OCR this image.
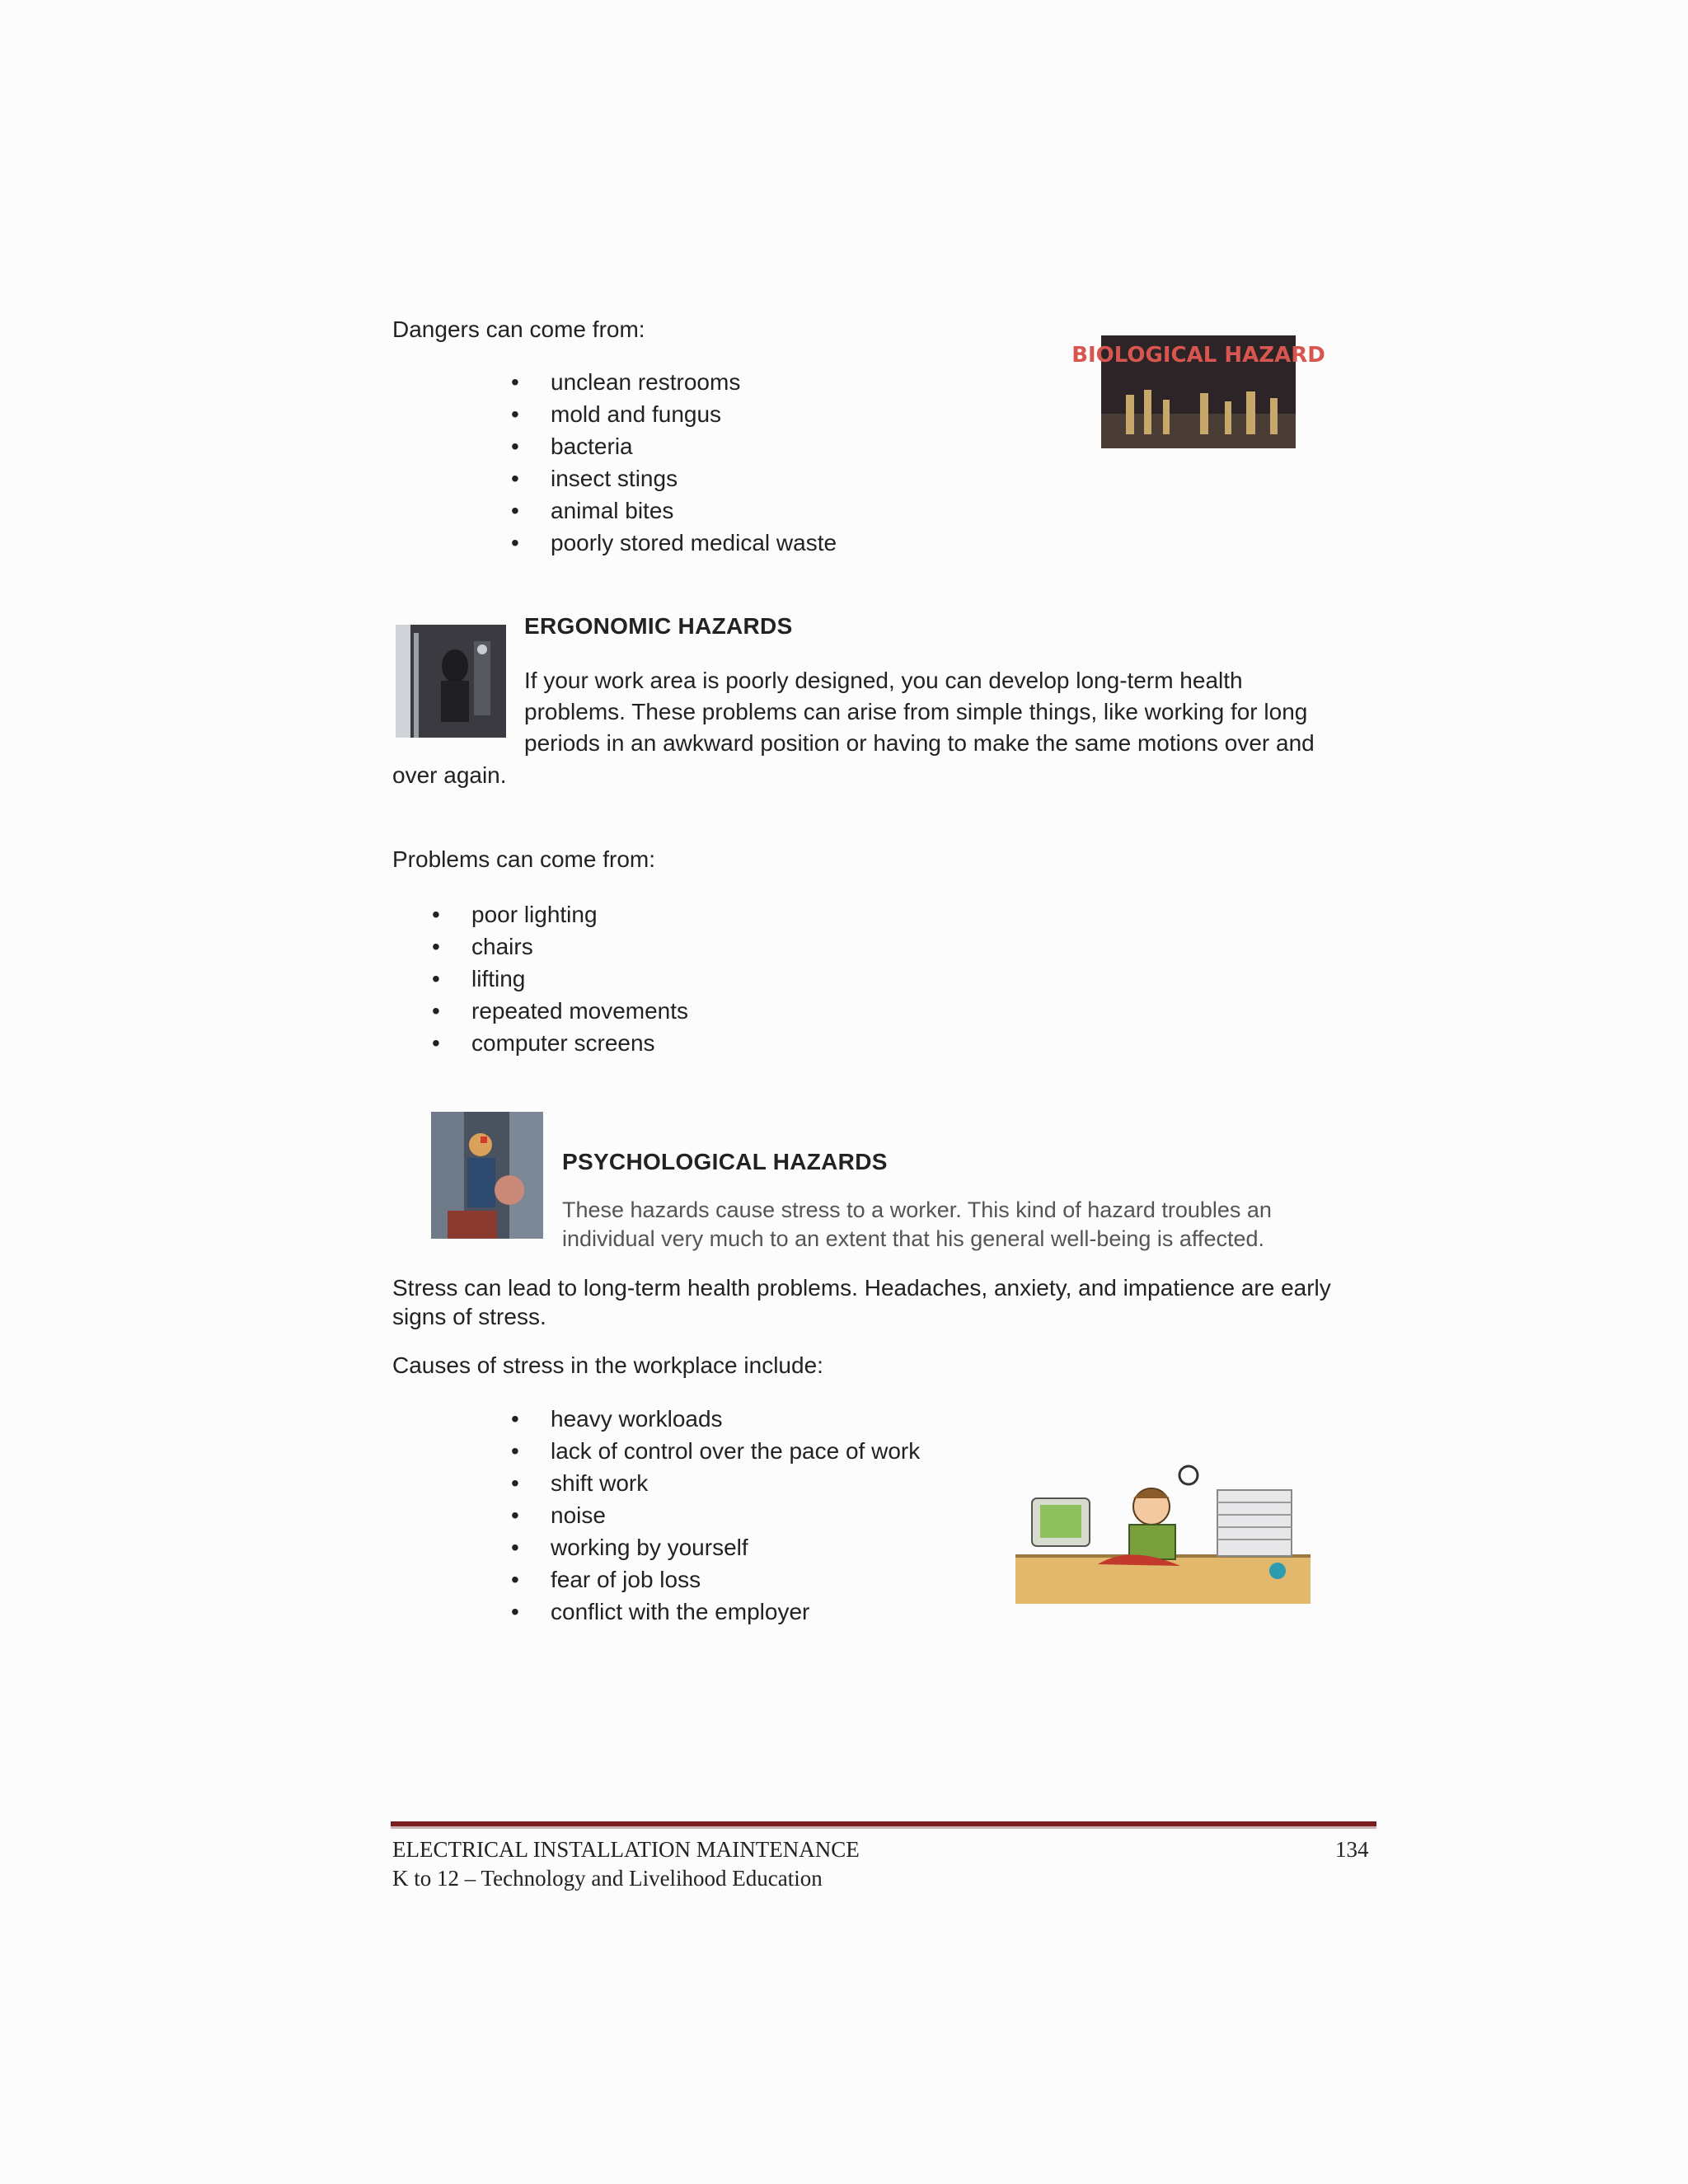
Dangers can come from:
• unclean restrooms
• mold and fungus
• bacteria
• insect stings
• animal bites
• poorly stored medical waste
BIOLOGICAL HAZARD
ERGONOMIC HAZARDS
If your work area is poorly designed, you can develop long-term health
problems. These problems can arise from simple things, like working for long
periods in an awkward position or having to make the same motions over and
over again.
Problems can come from:
• poor lighting
• chairs
• lifting
• repeated movements
• computer screens
PSYCHOLOGICAL HAZARDS
These hazards cause stress to a worker. This kind of hazard troubles an
individual very much to an extent that his general well-being is affected.
Stress can lead to long-term health problems. Headaches, anxiety, and impatience are early
signs of stress.
Causes of stress in the workplace include:
• heavy workloads
• lack of control over the pace of work
• shift work
• noise
• working by yourself
• fear of job loss
• conflict with the employer
ELECTRICAL INSTALLATION MAINTENANCE
K to 12 – Technology and Livelihood Education
134
